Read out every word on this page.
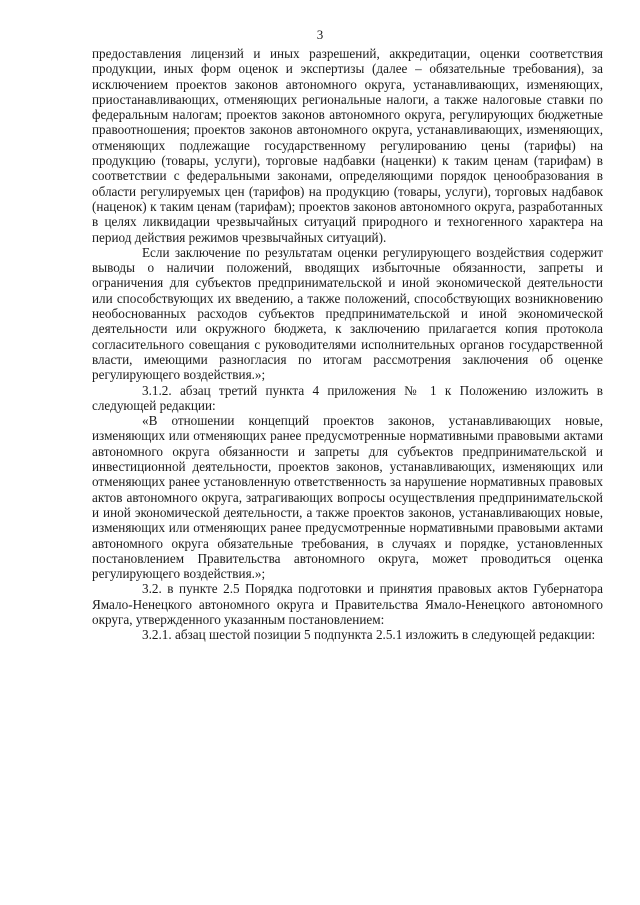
3

предоставления лицензий и иных разрешений, аккредитации, оценки соответствия продукции, иных форм оценок и экспертизы (далее – обязательные требования), за исключением проектов законов автономного округа, устанавливающих, изменяющих, приостанавливающих, отменяющих региональные налоги, а также налоговые ставки по федеральным налогам; проектов законов автономного округа, регулирующих бюджетные правоотношения; проектов законов автономного округа, устанавливающих, изменяющих, отменяющих подлежащие государственному регулированию цены (тарифы) на продукцию (товары, услуги), торговые надбавки (наценки) к таким ценам (тарифам) в соответствии с федеральными законами, определяющими порядок ценообразования в области регулируемых цен (тарифов) на продукцию (товары, услуги), торговых надбавок (наценок) к таким ценам (тарифам); проектов законов автономного округа, разработанных в целях ликвидации чрезвычайных ситуаций природного и техногенного характера на период действия режимов чрезвычайных ситуаций).

Если заключение по результатам оценки регулирующего воздействия содержит выводы о наличии положений, вводящих избыточные обязанности, запреты и ограничения для субъектов предпринимательской и иной экономической деятельности или способствующих их введению, а также положений, способствующих возникновению необоснованных расходов субъектов предпринимательской и иной экономической деятельности или окружного бюджета, к заключению прилагается копия протокола согласительного совещания с руководителями исполнительных органов государственной власти, имеющими разногласия по итогам рассмотрения заключения об оценке регулирующего воздействия.»;

3.1.2. абзац третий пункта 4 приложения № 1 к Положению изложить в следующей редакции:

«В отношении концепций проектов законов, устанавливающих новые, изменяющих или отменяющих ранее предусмотренные нормативными правовыми актами автономного округа обязанности и запреты для субъектов предпринимательской и инвестиционной деятельности, проектов законов, устанавливающих, изменяющих или отменяющих ранее установленную ответственность за нарушение нормативных правовых актов автономного округа, затрагивающих вопросы осуществления предпринимательской и иной экономической деятельности, а также проектов законов, устанавливающих новые, изменяющих или отменяющих ранее предусмотренные нормативными правовыми актами автономного округа обязательные требования, в случаях и порядке, установленных постановлением Правительства автономного округа, может проводиться оценка регулирующего воздействия.»;

3.2. в пункте 2.5 Порядка подготовки и принятия правовых актов Губернатора Ямало-Ненецкого автономного округа и Правительства Ямало-Ненецкого автономного округа, утвержденного указанным постановлением:

3.2.1. абзац шестой позиции 5 подпункта 2.5.1 изложить в следующей редакции:
